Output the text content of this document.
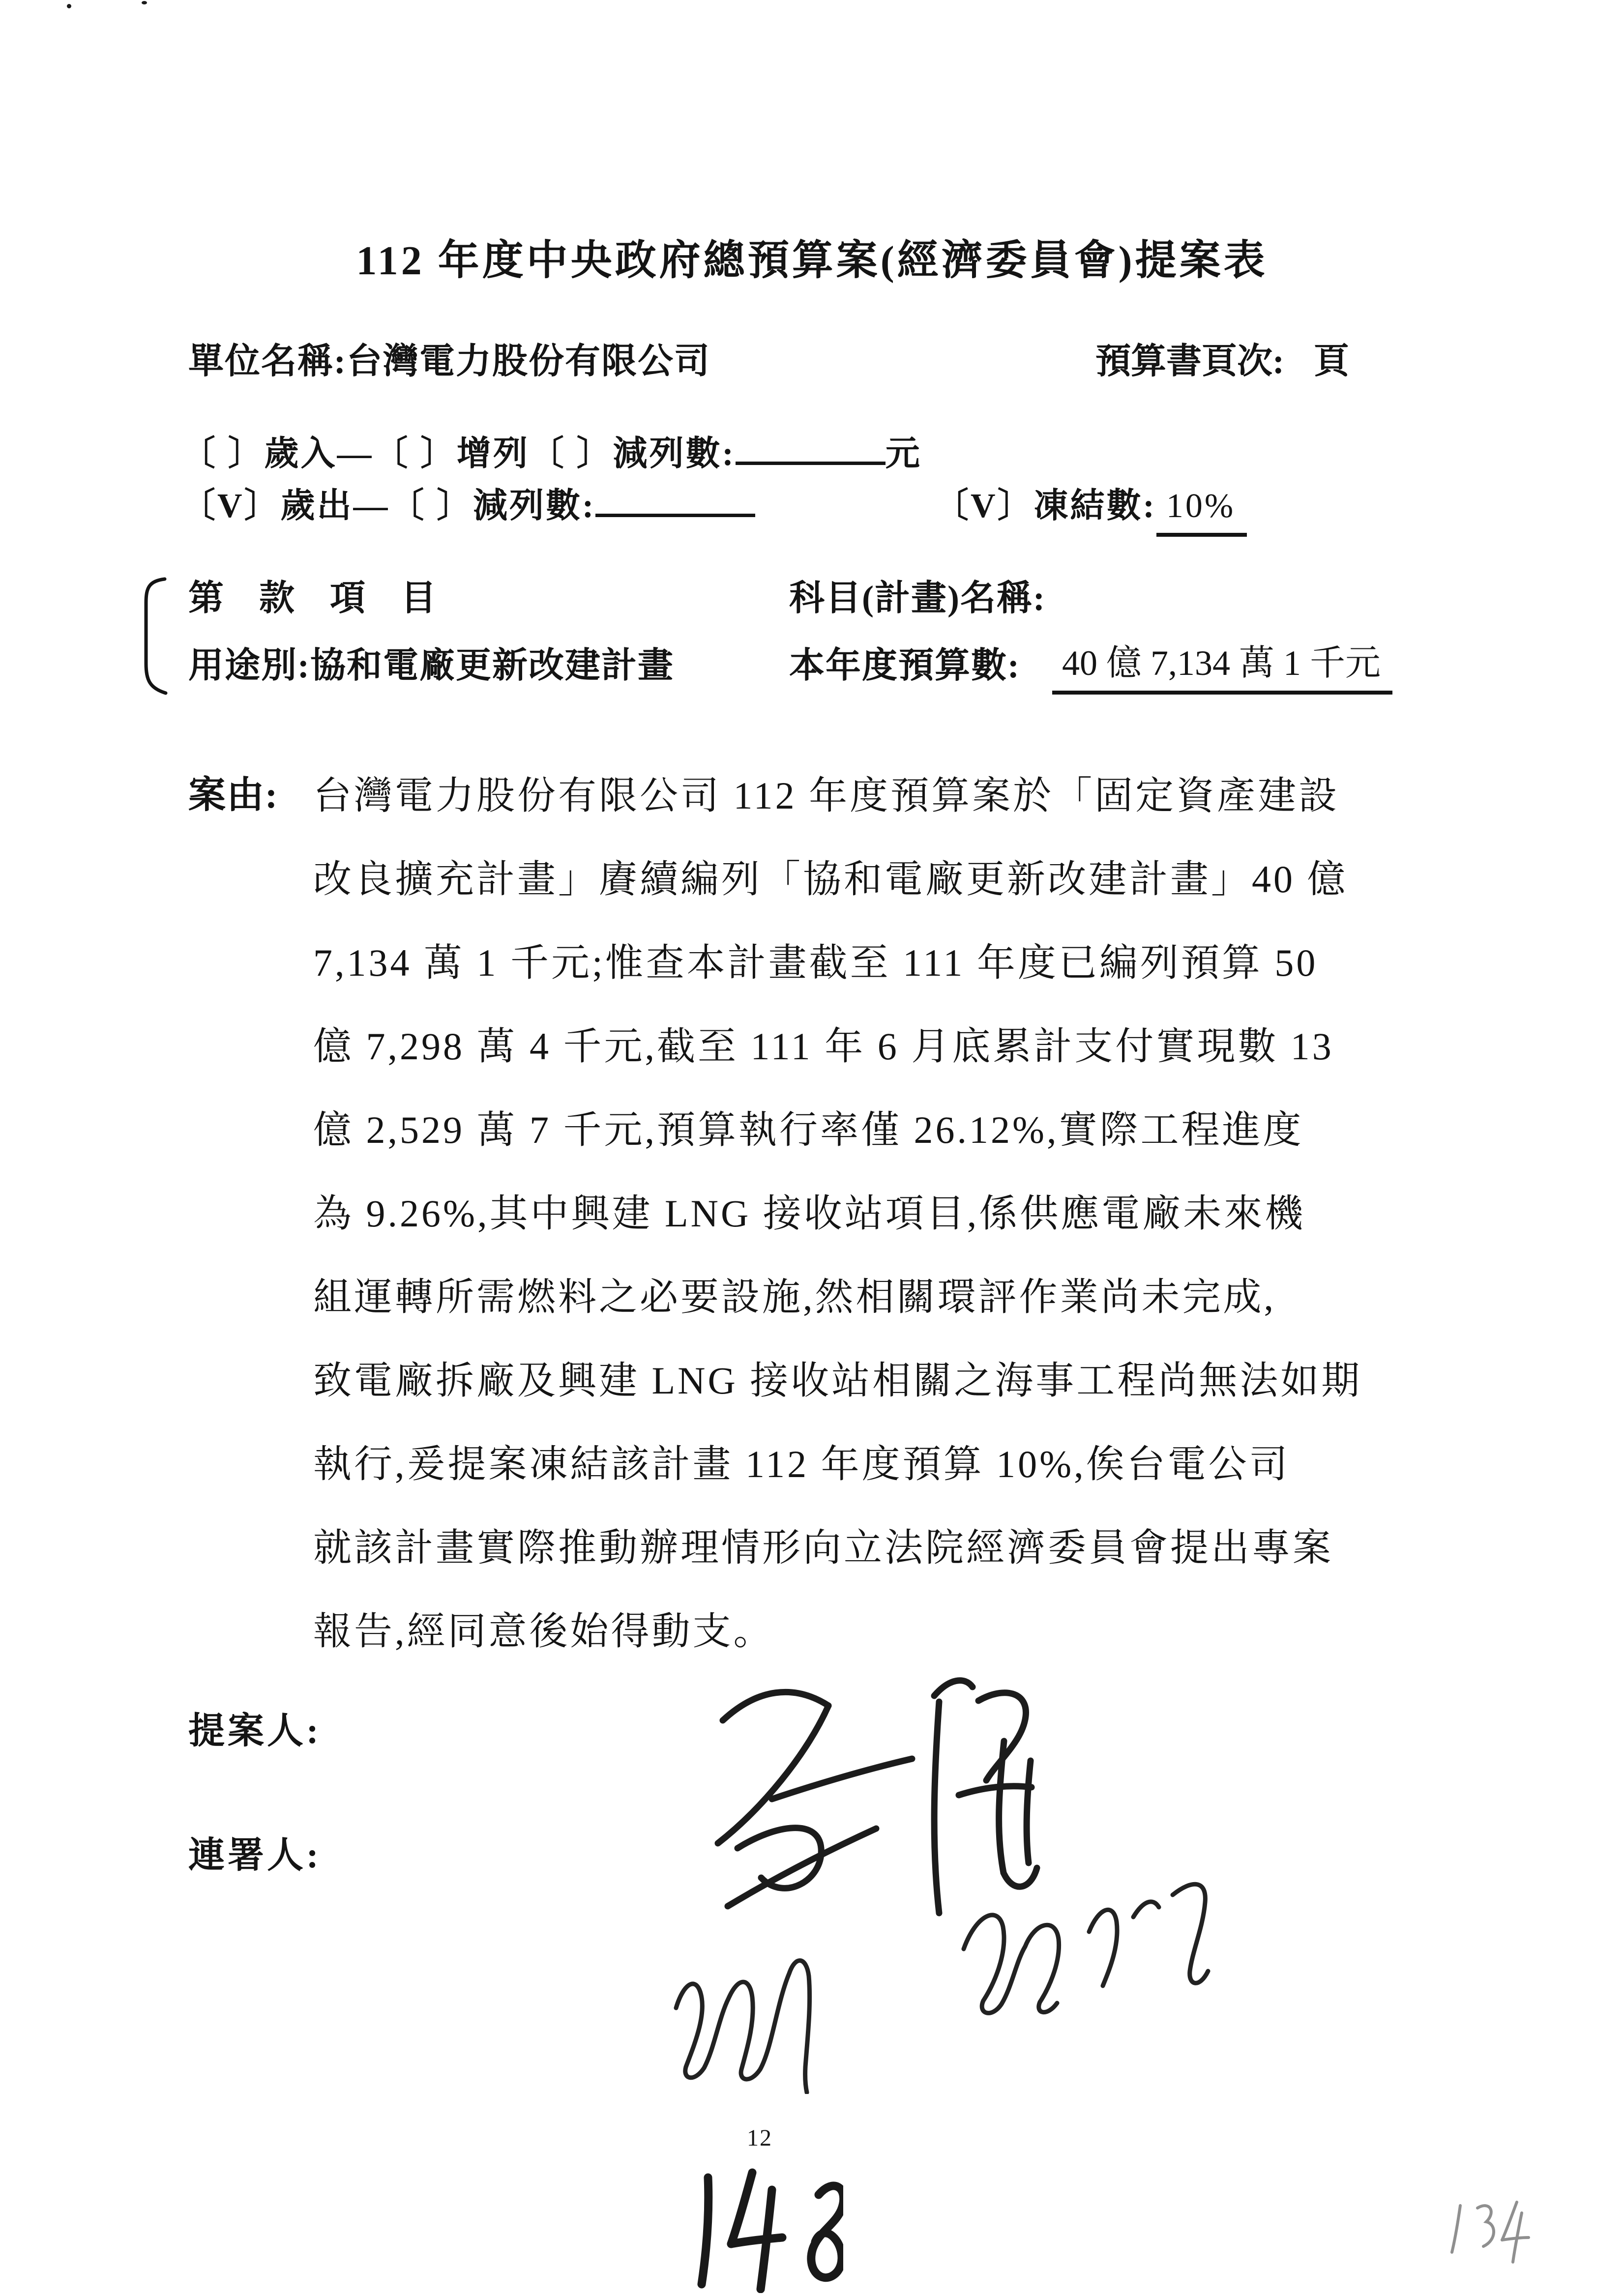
112 年度中央政府總預算案(經濟委員會)提案表
單位名稱:台灣電力股份有限公司	預算書頁次: 頁
〔 〕歲入—〔 〕增列〔 〕減列數:	元
〔V〕歲出—〔 〕減列數:	〔V〕凍結數: 10%
第 款 項 目	科目(計畫)名稱:
用途別:協和電廠更新改建計畫	本年度預算數: 40 億 7,134 萬 1 千元
案由: 台灣電力股份有限公司 112 年度預算案於「固定資產建設
改良擴充計畫」賡續編列「協和電廠更新改建計畫」40 億
7,134 萬 1 千元;惟查本計畫截至 111 年度已編列預算 50
億 7,298 萬 4 千元,截至 111 年 6 月底累計支付實現數 13
億 2,529 萬 7 千元,預算執行率僅 26.12%,實際工程進度
為 9.26%,其中興建 LNG 接收站項目,係供應電廠未來機
組運轉所需燃料之必要設施,然相關環評作業尚未完成,
致電廠拆廠及興建 LNG 接收站相關之海事工程尚無法如期
執行,爰提案凍結該計畫 112 年度預算 10%,俟台電公司
就該計畫實際推動辦理情形向立法院經濟委員會提出專案
報告,經同意後始得動支。
提案人:
連署人:
12
